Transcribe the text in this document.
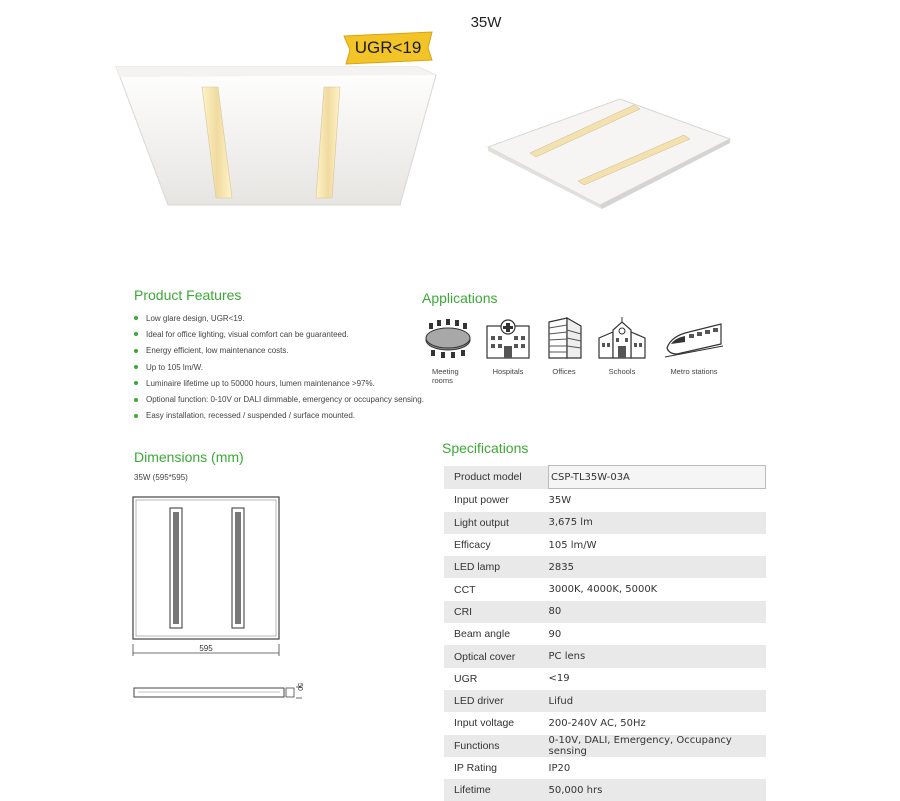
35W
UGR<19
Product Features
Low glare design, UGR<19.
Ideal for office lighting, visual comfort can be guaranteed.
Energy efficient, low maintenance costs.
Up to 105 lm/W.
Luminaire lifetime up to 50000 hours, lumen maintenance >97%.
Optional function: 0-10V or DALI dimmable, emergency or occupancy sensing.
Easy installation, recessed / suspended / surface mounted.
Applications
Meeting rooms
Hospitals	Offices	Schools	Metro stations
Dimensions (mm)
35W (595*595)
595
50
Specifications
Product model	CSP-TL35W-03A
Input power	35W
Light output	3,675 lm
Efficacy	105 lm/W
LED lamp	2835
CCT	3000K, 4000K, 5000K
CRI	80
Beam angle	90
Optical cover	PC lens
UGR	<19
LED driver	Lifud
Input voltage	200-240V AC, 50Hz
Functions	0-10V, DALI, Emergency, Occupancy sensing
IP Rating	IP20
Lifetime	50,000 hrs
